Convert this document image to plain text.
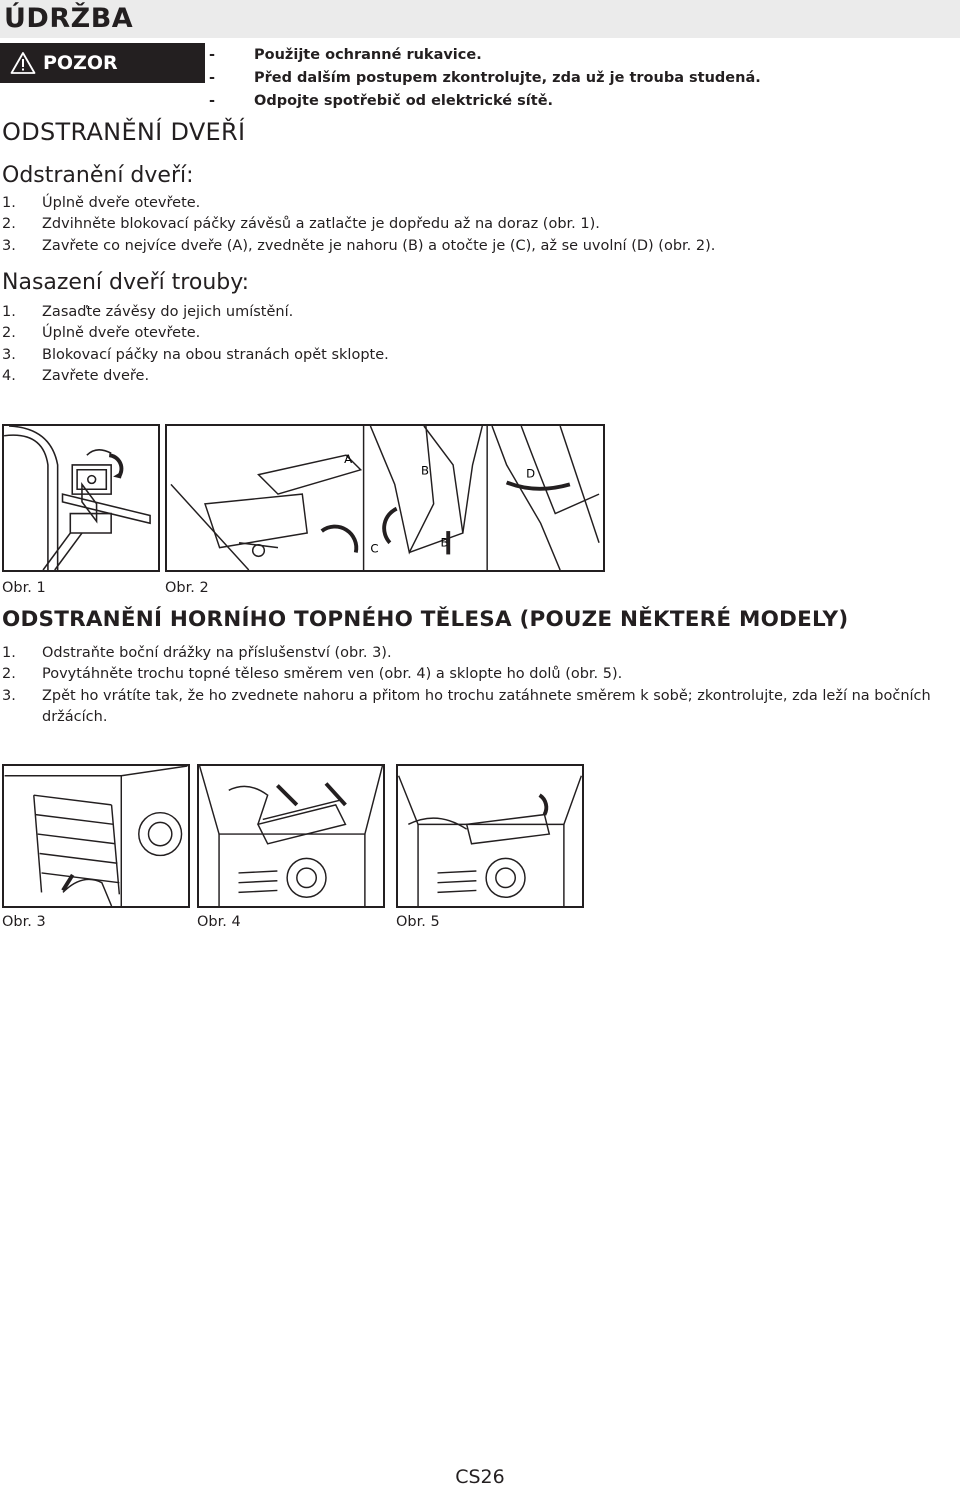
ÚDRŽBA
POZOR	-	Použijte ochranné rukavice.
-	Před dalším postupem zkontrolujte, zda už je trouba studená.
-	Odpojte spotřebič od elektrické sítě.
ODSTRANĚNÍ DVEŘÍ
Odstranění dveří:
1.	Úplně dveře otevřete.
2.	Zdvihněte blokovací páčky závěsů a zatlačte je dopředu až na doraz (obr. 1).
3.	Zavřete co nejvíce dveře (A), zvedněte je nahoru (B) a otočte je (C), až se uvolní (D) (obr. 2).
Nasazení dveří trouby:
1.	Zasaďte závěsy do jejich umístění.
2.	Úplně dveře otevřete.
3.	Blokovací páčky na obou stranách opět sklopte.
4.	Zavřete dveře.
A
B
C	B
D
Obr. 1	Obr. 2
ODSTRANĚNÍ HORNÍHO TOPNÉHO TĚLESA (POUZE NĚKTERÉ MODELY)
1.	Odstraňte boční drážky na příslušenství (obr. 3).
2.	Povytáhněte trochu topné těleso směrem ven (obr. 4) a sklopte ho dolů (obr. 5).
3.	Zpět ho vrátíte tak, že ho zvednete nahoru a přitom ho trochu zatáhnete směrem k sobě; zkontrolujte, zda leží na bočních držácích.
Obr. 3	Obr. 4	Obr. 5
CS26
